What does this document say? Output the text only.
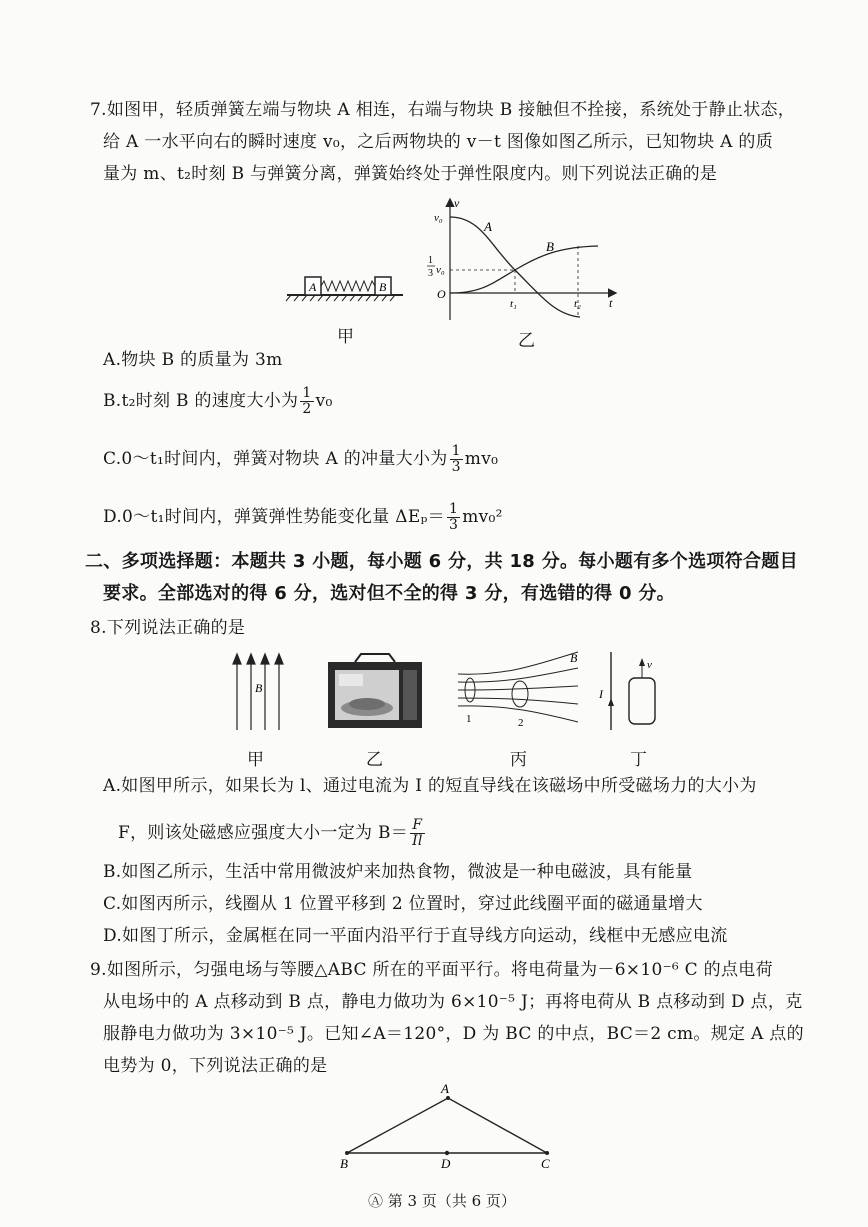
7.如图甲，轻质弹簧左端与物块 A 相连，右端与物块 B 接触但不拴接，系统处于静止状态，
给 A 一水平向右的瞬时速度 v₀，之后两物块的 v－t 图像如图乙所示，已知物块 A 的质
量为 m、t₂时刻 B 与弹簧分离，弹簧始终处于弹性限度内。则下列说法正确的是
A	B
甲
v
t
O
v₀
1
3 v₀
t₁	t₂
A
B
乙
A.物块 B 的质量为 3m
B.t₂时刻 B 的速度大小为 $\frac{1}{2} v_0$
C.0～t₁时间内，弹簧对物块 A 的冲量大小为 $\frac{1}{3} mv_0$
D.0～t₁时间内，弹簧弹性势能变化量 $\Delta E_p= \frac{1}{3} mv_0^2$
二、多项选择题：本题共 3 小题，每小题 6 分，共 18 分。每小题有多个选项符合题目
要求。全部选对的得 6 分，选对但不全的得 3 分，有选错的得 0 分。
8.下列说法正确的是
B
甲	乙
B
1	2
丙
I
v
丁
A.如图甲所示，如果长为 l、通过电流为 I 的短直导线在该磁场中所受磁场力的大小为
F，则该处磁感应强度大小一定为 $B= \frac{F}{Il}$
B.如图乙所示，生活中常用微波炉来加热食物，微波是一种电磁波，具有能量
C.如图丙所示，线圈从 1 位置平移到 2 位置时，穿过此线圈平面的磁通量增大
D.如图丁所示，金属框在同一平面内沿平行于直导线方向运动，线框中无感应电流
9.如图所示，匀强电场与等腰△ABC 所在的平面平行。将电荷量为－6×10⁻⁶ C 的点电荷
从电场中的 A 点移动到 B 点，静电力做功为 6×10⁻⁵ J；再将电荷从 B 点移动到 D 点，克
服静电力做功为 3×10⁻⁵ J。已知∠A＝120°，D 为 BC 的中点，BC＝2 cm。规定 A 点的
电势为 0，下列说法正确的是
A
B	C
D
Ⓐ 第 3 页（共 6 页）
